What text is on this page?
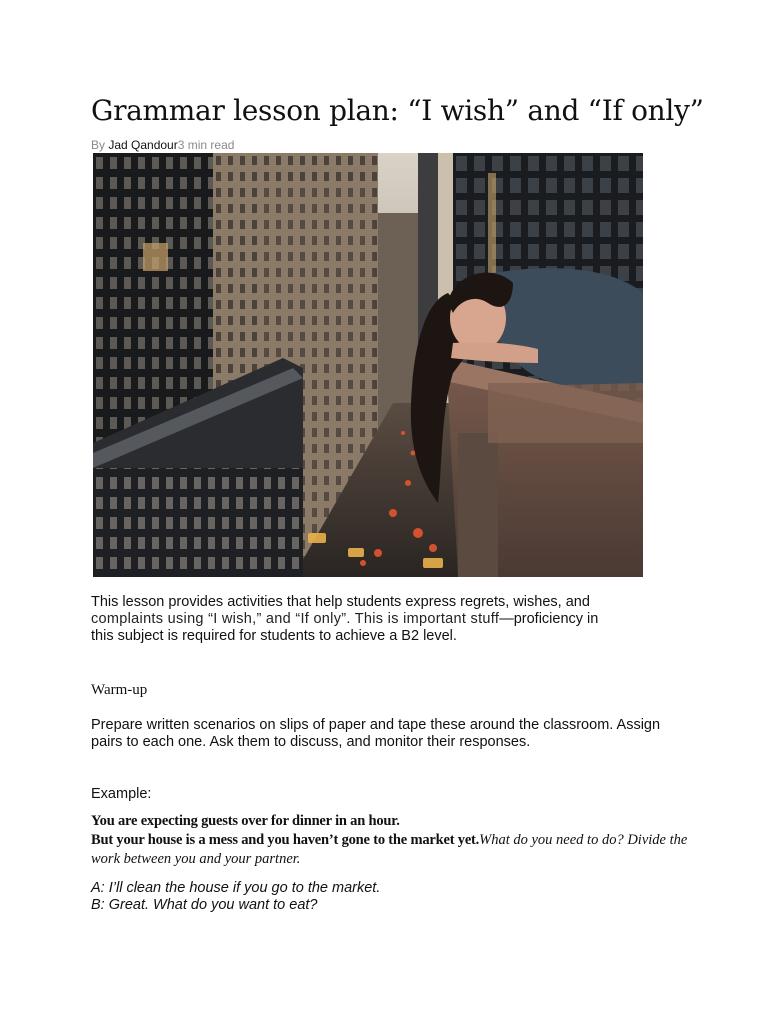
Grammar lesson plan: “I wish” and “If only”
By Jad Qandour3 min read

This lesson provides activities that help students express regrets, wishes, and
complaints using “I wish,” and “If only”. This is important stuff—proficiency in
this subject is required for students to achieve a B2 level.

Warm-up

Prepare written scenarios on slips of paper and tape these around the classroom. Assign pairs to each one. Ask them to discuss, and monitor their responses.

Example:

You are expecting guests over for dinner in an hour.
But your house is a mess and you haven’t gone to the market yet.What do you need to do? Divide the work between you and your partner.

A: I’ll clean the house if you go to the market.
B: Great. What do you want to eat?
